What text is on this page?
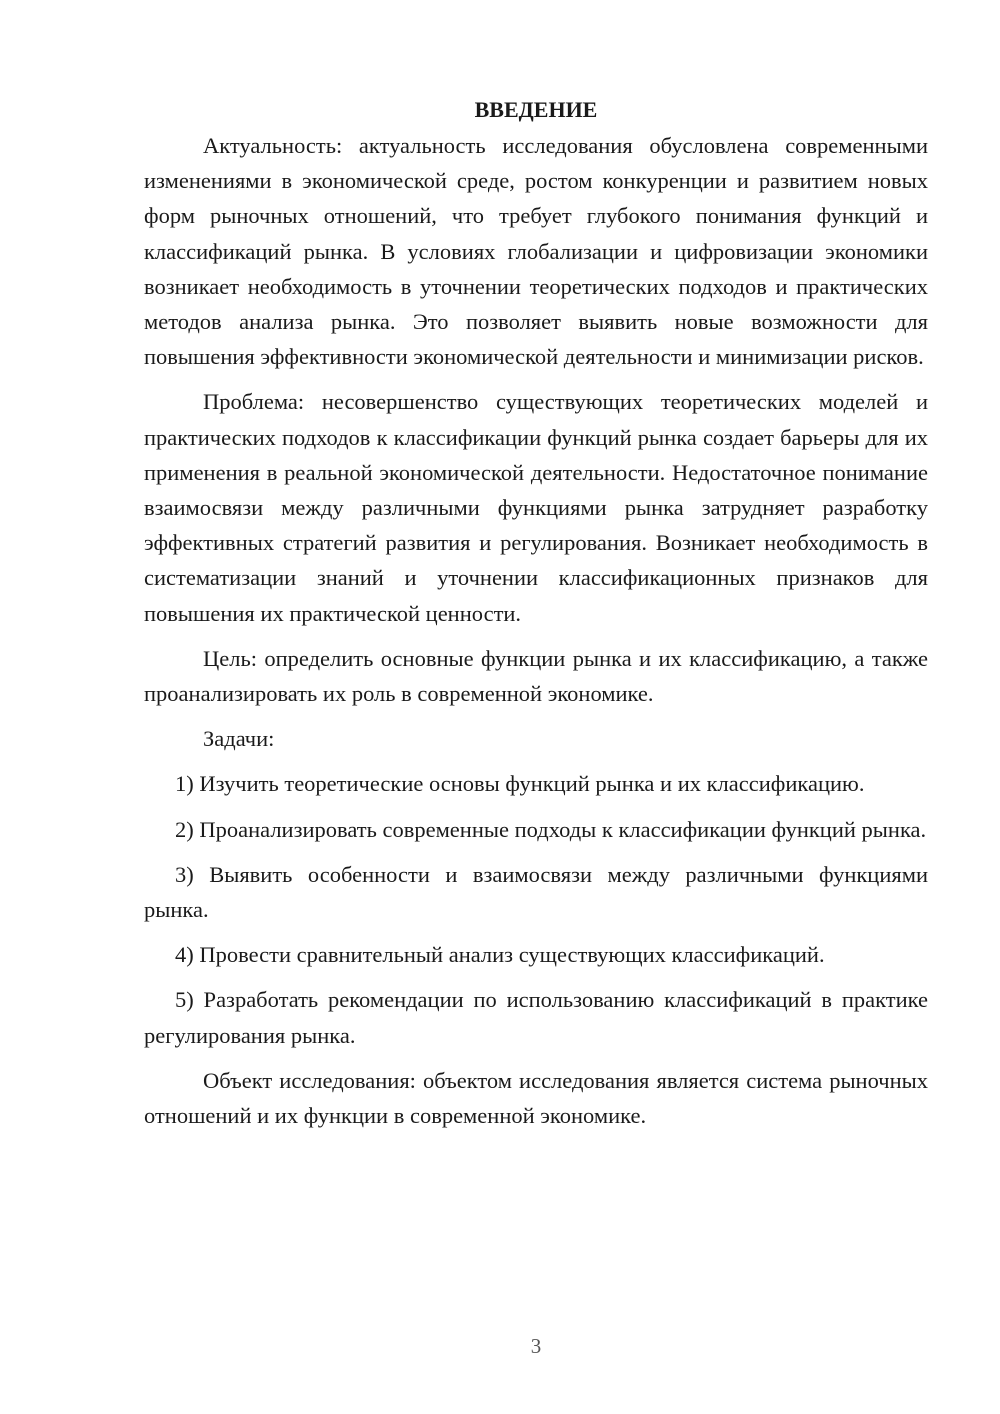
ВВЕДЕНИЕ

Актуальность: актуальность исследования обусловлена современными изменениями в экономической среде, ростом конкуренции и развитием новых форм рыночных отношений, что требует глубокого понимания функций и классификаций рынка. В условиях глобализации и цифровизации экономики возникает необходимость в уточнении теоретических подходов и практических методов анализа рынка. Это позволяет выявить новые возможности для повышения эффективности экономической деятельности и минимизации рисков.

Проблема: несовершенство существующих теоретических моделей и практических подходов к классификации функций рынка создает барьеры для их применения в реальной экономической деятельности. Недостаточное понимание взаимосвязи между различными функциями рынка затрудняет разработку эффективных стратегий развития и регулирования. Возникает необходимость в систематизации знаний и уточнении классификационных признаков для повышения их практической ценности.

Цель: определить основные функции рынка и их классификацию, а также проанализировать их роль в современной экономике.

Задачи:

1) Изучить теоретические основы функций рынка и их классификацию.

2) Проанализировать современные подходы к классификации функций рынка.

3) Выявить особенности и взаимосвязи между различными функциями рынка.

4) Провести сравнительный анализ существующих классификаций.

5) Разработать рекомендации по использованию классификаций в практике регулирования рынка.

Объект исследования: объектом исследования является система рыночных отношений и их функции в современной экономике.

3
